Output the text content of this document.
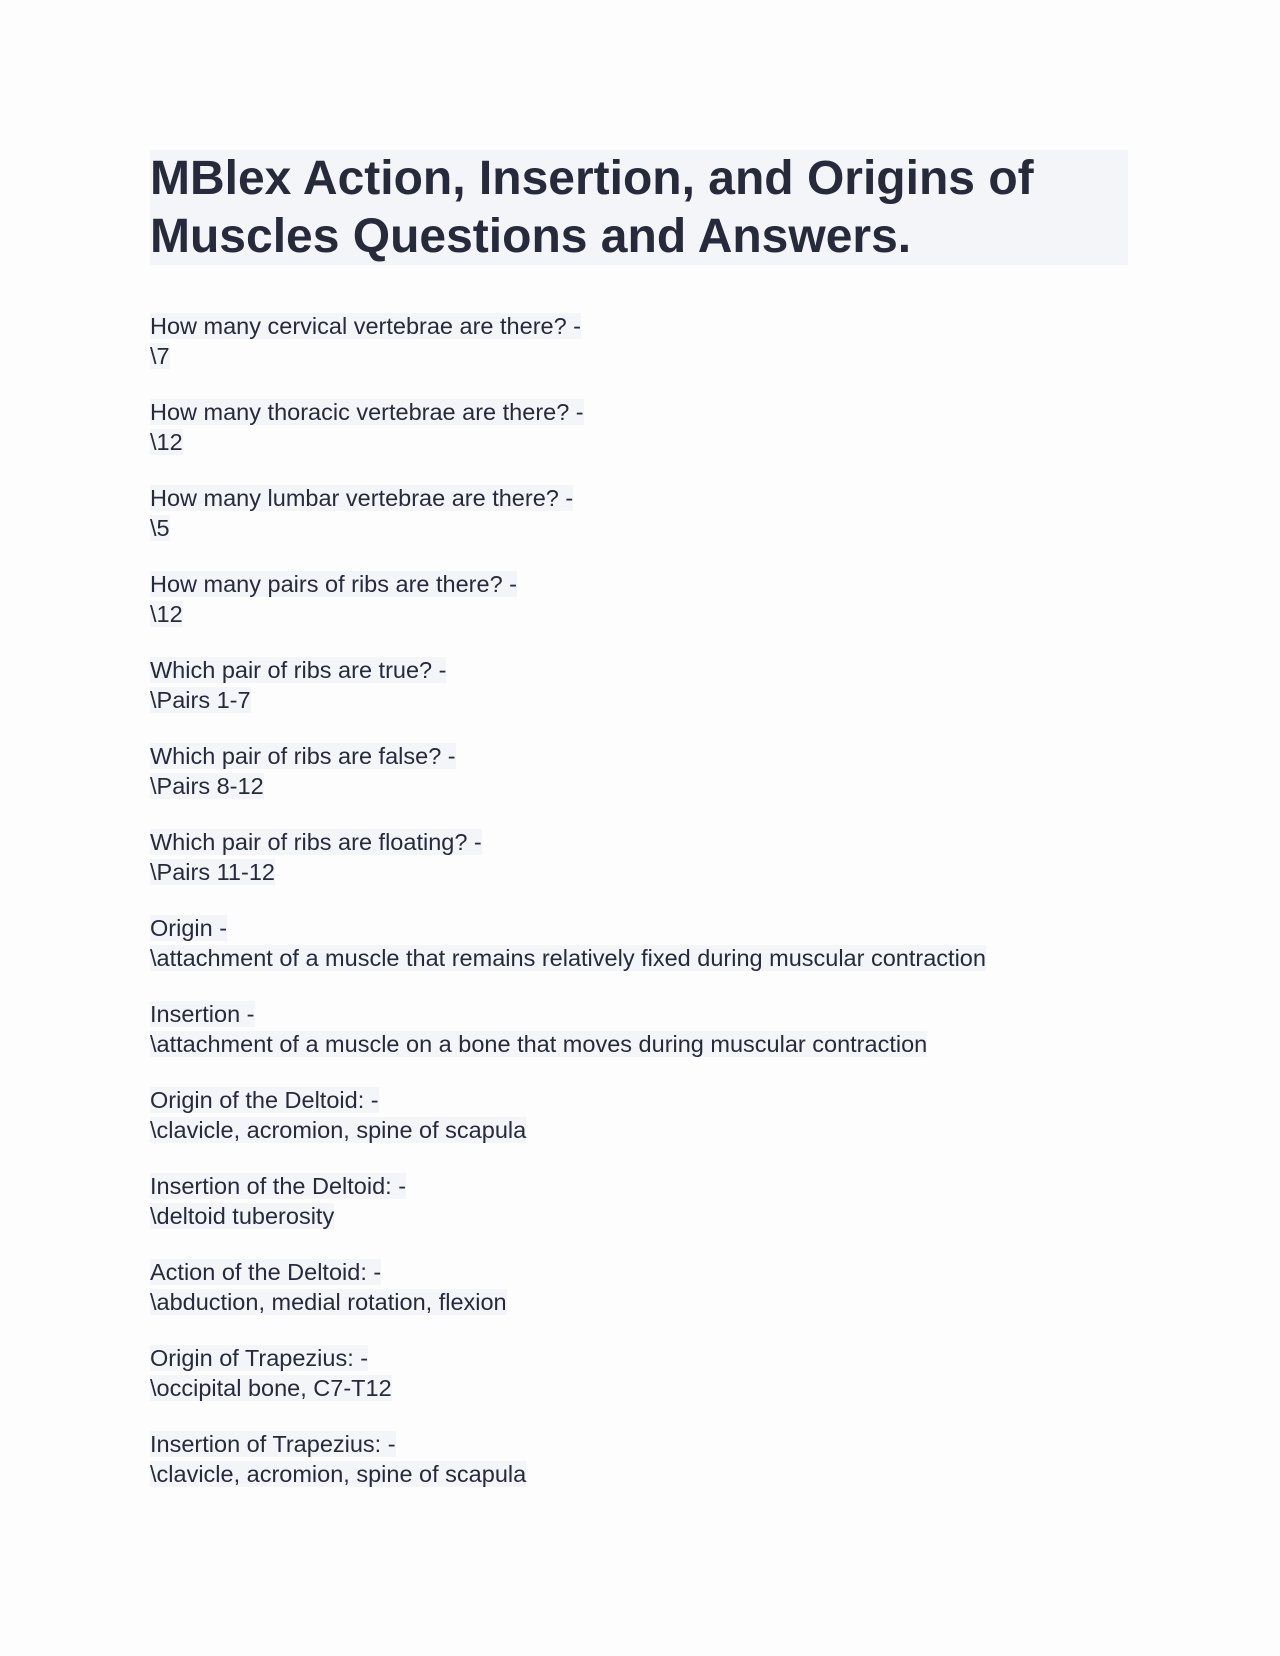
MBlex Action, Insertion, and Origins of Muscles Questions and Answers.
How many cervical vertebrae are there? -
\7
How many thoracic vertebrae are there? -
\12
How many lumbar vertebrae are there? -
\5
How many pairs of ribs are there? -
\12
Which pair of ribs are true? -
\Pairs 1-7
Which pair of ribs are false? -
\Pairs 8-12
Which pair of ribs are floating? -
\Pairs 11-12
Origin -
\attachment of a muscle that remains relatively fixed during muscular contraction
Insertion -
\attachment of a muscle on a bone that moves during muscular contraction
Origin of the Deltoid: -
\clavicle, acromion, spine of scapula
Insertion of the Deltoid: -
\deltoid tuberosity
Action of the Deltoid: -
\abduction, medial rotation, flexion
Origin of Trapezius: -
\occipital bone, C7-T12
Insertion of Trapezius: -
\clavicle, acromion, spine of scapula
